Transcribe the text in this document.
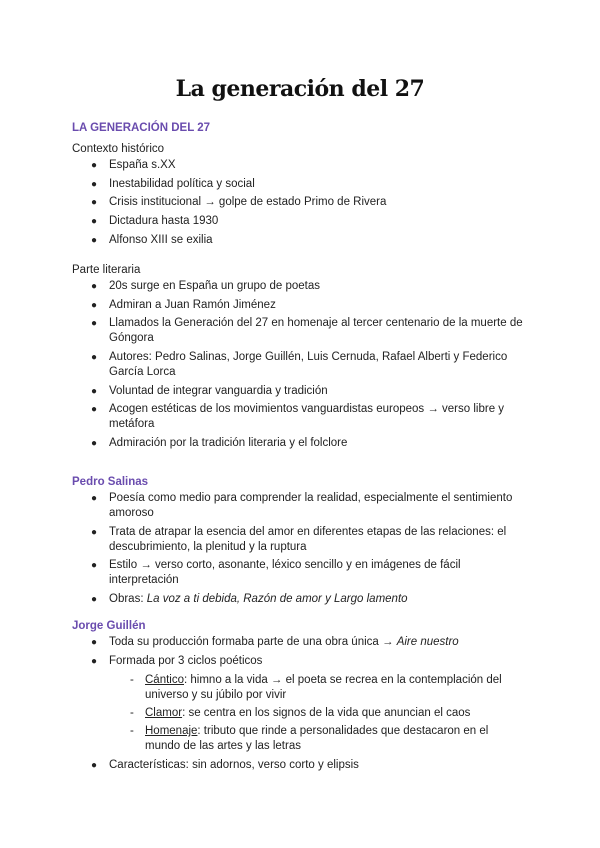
La generación del 27
LA GENERACIÓN DEL 27
Contexto histórico
● España s.XX
● Inestabilidad política y social
● Crisis institucional → golpe de estado Primo de Rivera
● Dictadura hasta 1930
● Alfonso XIII se exilia
Parte literaria
● 20s surge en España un grupo de poetas
● Admiran a Juan Ramón Jiménez
● Llamados la Generación del 27 en homenaje al tercer centenario de la muerte de Góngora
● Autores: Pedro Salinas, Jorge Guillén, Luis Cernuda, Rafael Alberti y Federico García Lorca
● Voluntad de integrar vanguardia y tradición
● Acogen estéticas de los movimientos vanguardistas europeos → verso libre y metáfora
● Admiración por la tradición literaria y el folclore
Pedro Salinas
● Poesía como medio para comprender la realidad, especialmente el sentimiento amoroso
● Trata de atrapar la esencia del amor en diferentes etapas de las relaciones: el descubrimiento, la plenitud y la ruptura
● Estilo → verso corto, asonante, léxico sencillo y en imágenes de fácil interpretación
● Obras: La voz a ti debida, Razón de amor y Largo lamento
Jorge Guillén
● Toda su producción formaba parte de una obra única → Aire nuestro
● Formada por 3 ciclos poéticos
- Cántico: himno a la vida → el poeta se recrea en la contemplación del universo y su júbilo por vivir
- Clamor: se centra en los signos de la vida que anuncian el caos
- Homenaje: tributo que rinde a personalidades que destacaron en el mundo de las artes y las letras
● Características: sin adornos, verso corto y elipsis
